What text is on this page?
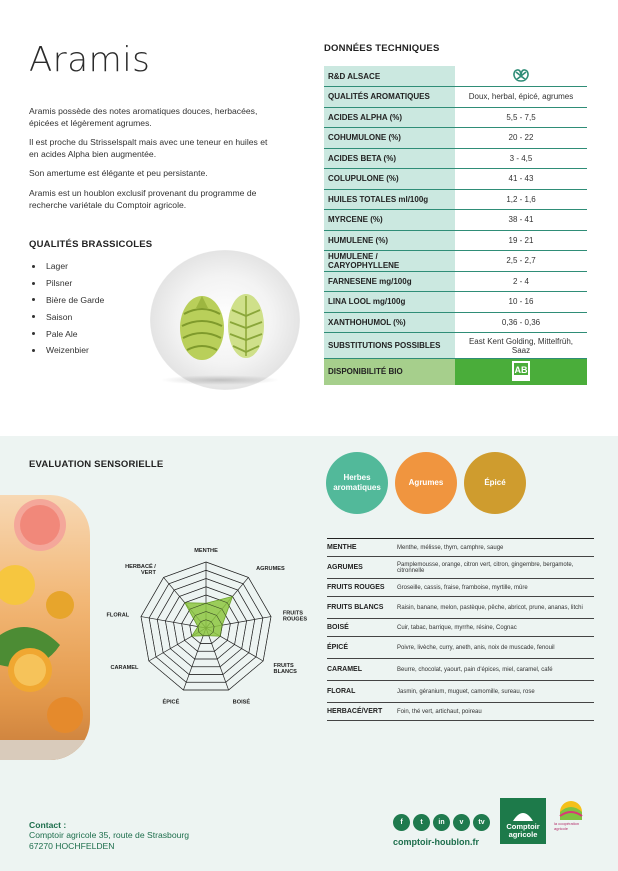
Aramis

Aramis possède des notes aromatiques douces, herbacées, épicées et légèrement agrumes.

Il est proche du Strisselspalt mais avec une teneur en huiles et en acides Alpha bien augmentée.

Son amertume est élégante et peu persistante.

Aramis est un houblon exclusif provenant du programme de recherche variétale du Comptoir agricole.

QUALITÉS BRASSICOLES
Lager
Pilsner
Bière de Garde
Saison
Pale Ale
Weizenbier
DONNÉES TECHNIQUES
R&D ALSACE	
QUALITÉS AROMATIQUES	Doux, herbal, épicé, agrumes
ACIDES ALPHA (%)	5,5 - 7,5
COHUMULONE (%)	20 - 22
ACIDES BETA (%)	3 - 4,5
COLUPULONE (%)	41 - 43
HUILES TOTALES ml/100g	1,2 - 1,6
MYRCENE (%)	38 - 41
HUMULENE (%)	19 - 21
HUMULENE / CARYOPHYLLENE	2,5 - 2,7
FARNESENE mg/100g	2 - 4
LINA LOOL mg/100g	10 - 16
XANTHOHUMOL (%)	0,36 - 0,36
SUBSTITUTIONS POSSIBLES	East Kent Golding, Mittelfrüh, Saaz
DISPONIBILITÉ BIO	AB
EVALUATION SENSORIELLE
Herbes aromatiques
Agrumes	Épicé
MENTHE
AGRUMES
FRUITS ROUGES
FRUITS BLANCS
BOISÉ
ÉPICÉ
CARAMEL
FLORAL
HERBACÉ / VERT
MENTHE	Menthe, mélisse, thym, camphre, sauge
AGRUMES	Pamplemousse, orange, citron vert, citron, gingembre, bergamote, citronnelle
FRUITS ROUGES	Groseille, cassis, fraise, framboise, myrtille, mûre
FRUITS BLANCS	Raisin, banane, melon, pastèque, pêche, abricot, prune, ananas, litchi
BOISÉ	Cuir, tabac, barrique, myrrhe, résine, Cognac
ÉPICÉ	Poivre, livèche, curry, aneth, anis, noix de muscade, fenouil
CARAMEL	Beurre, chocolat, yaourt, pain d'épices, miel, caramel, café
FLORAL	Jasmin, géranium, muguet, camomille, sureau, rose
HERBACÉ/VERT	Foin, thé vert, artichaut, poireau
Contact :
Comptoir agricole 35, route de Strasbourg
67270 HOCHFELDEN
f	t	in	v	tv
comptoir-houblon.fr
Comptoir
agricole
la coopération agricole
